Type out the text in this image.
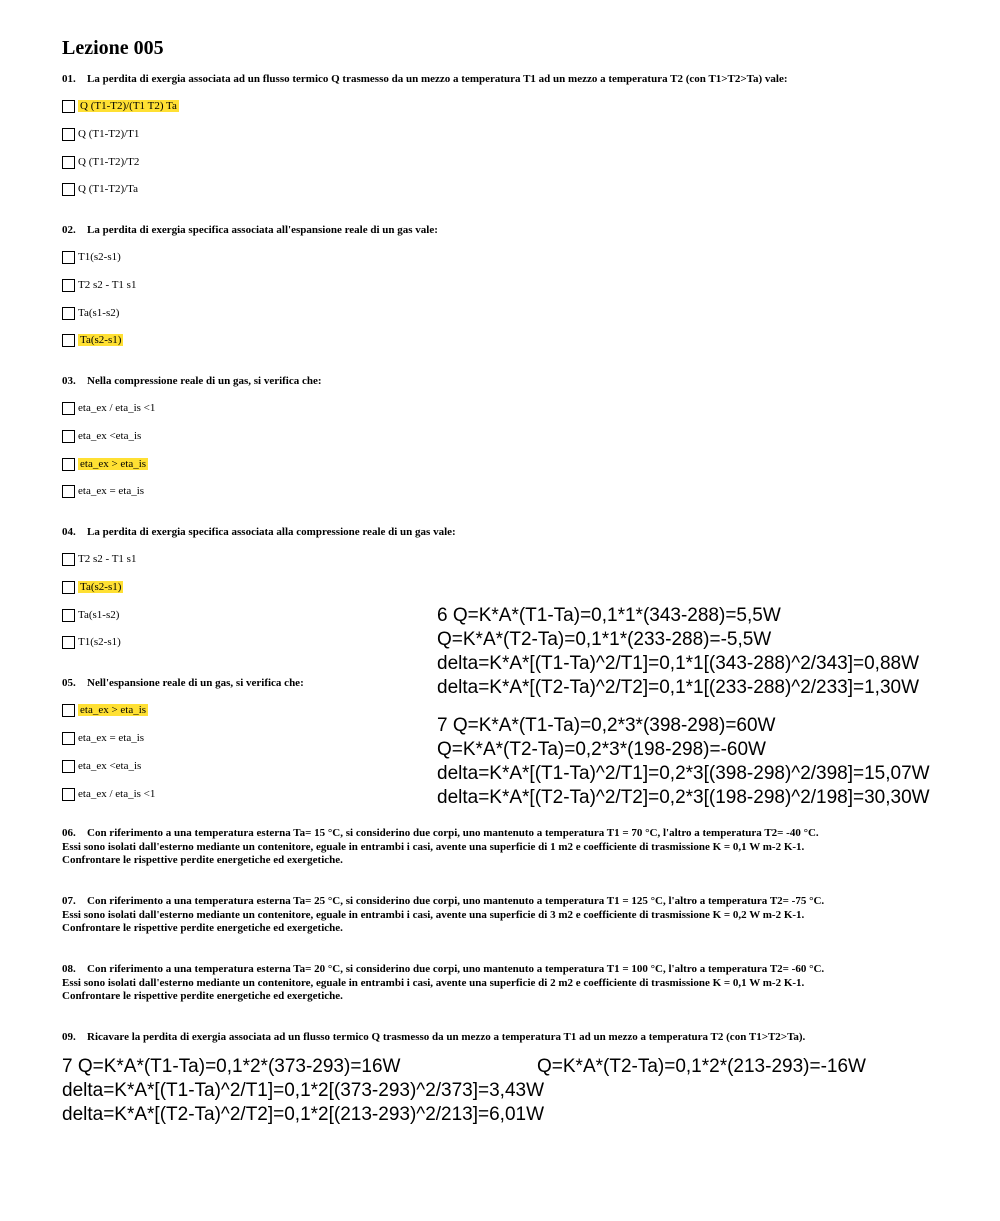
Lezione 005
01. La perdita di exergia associata ad un flusso termico Q trasmesso da un mezzo a temperatura T1 ad un mezzo a temperatura T2 (con T1>T2>Ta) vale:
Q (T1-T2)/(T1 T2) Ta
Q (T1-T2)/T1
Q (T1-T2)/T2
Q (T1-T2)/Ta
02. La perdita di exergia specifica associata all'espansione reale di un gas vale:
T1(s2-s1)
T2 s2 - T1 s1
Ta(s1-s2)
Ta(s2-s1)
03. Nella compressione reale di un gas, si verifica che:
eta_ex / eta_is <1
eta_ex <eta_is
eta_ex > eta_is
eta_ex = eta_is
04. La perdita di exergia specifica associata alla compressione reale di un gas vale:
T2 s2 - T1 s1
Ta(s2-s1)
Ta(s1-s2)
T1(s2-s1)
05. Nell'espansione reale di un gas, si verifica che:
eta_ex > eta_is
eta_ex = eta_is
eta_ex <eta_is
eta_ex / eta_is <1
6 Q=K*A*(T1-Ta)=0,1*1*(343-288)=5,5W
Q=K*A*(T2-Ta)=0,1*1*(233-288)=-5,5W
delta=K*A*[(T1-Ta)^2/T1]=0,1*1[(343-288)^2/343]=0,88W
delta=K*A*[(T2-Ta)^2/T2]=0,1*1[(233-288)^2/233]=1,30W
7 Q=K*A*(T1-Ta)=0,2*3*(398-298)=60W
Q=K*A*(T2-Ta)=0,2*3*(198-298)=-60W
delta=K*A*[(T1-Ta)^2/T1]=0,2*3[(398-298)^2/398]=15,07W
delta=K*A*[(T2-Ta)^2/T2]=0,2*3[(198-298)^2/198]=30,30W
06. Con riferimento a una temperatura esterna Ta= 15 °C, si considerino due corpi, uno mantenuto a temperatura T1 = 70 °C, l'altro a temperatura T2= -40 °C.
Essi sono isolati dall'esterno mediante un contenitore, eguale in entrambi i casi, avente una superficie di 1 m2 e coefficiente di trasmissione K = 0,1 W m-2 K-1.
Confrontare le rispettive perdite energetiche ed exergetiche.
07. Con riferimento a una temperatura esterna Ta= 25 °C, si considerino due corpi, uno mantenuto a temperatura T1 = 125 °C, l'altro a temperatura T2= -75 °C.
Essi sono isolati dall'esterno mediante un contenitore, eguale in entrambi i casi, avente una superficie di 3 m2 e coefficiente di trasmissione K = 0,2 W m-2 K-1.
Confrontare le rispettive perdite energetiche ed exergetiche.
08. Con riferimento a una temperatura esterna Ta= 20 °C, si considerino due corpi, uno mantenuto a temperatura T1 = 100 °C, l'altro a temperatura T2= -60 °C.
Essi sono isolati dall'esterno mediante un contenitore, eguale in entrambi i casi, avente una superficie di 2 m2 e coefficiente di trasmissione K = 0,1 W m-2 K-1.
Confrontare le rispettive perdite energetiche ed exergetiche.
09. Ricavare la perdita di exergia associata ad un flusso termico Q trasmesso da un mezzo a temperatura T1 ad un mezzo a temperatura T2 (con T1>T2>Ta).
7 Q=K*A*(T1-Ta)=0,1*2*(373-293)=16W	Q=K*A*(T2-Ta)=0,1*2*(213-293)=-16W
delta=K*A*[(T1-Ta)^2/T1]=0,1*2[(373-293)^2/373]=3,43W
delta=K*A*[(T2-Ta)^2/T2]=0,1*2[(213-293)^2/213]=6,01W
